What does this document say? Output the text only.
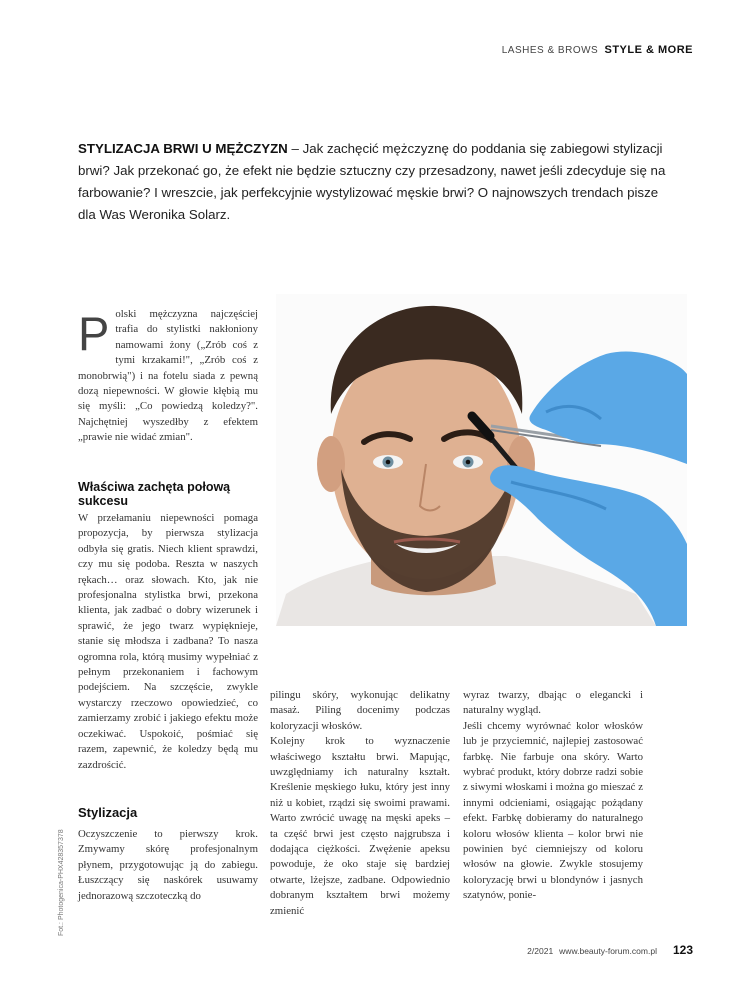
LASHES & BROWS STYLE & MORE
STYLIZACJA BRWI U MĘŻCZYZN – Jak zachęcić mężczyznę do poddania się zabiegowi stylizacji brwi? Jak przekonać go, że efekt nie będzie sztuczny czy przesadzony, nawet jeśli zdecyduje się na farbowanie? I wreszcie, jak perfekcyjnie wystylizować męskie brwi? O najnowszych trendach pisze dla Was Weronika Solarz.
P olski mężczyzna najczęściej trafia do stylistki nakłoniony namowami żony („Zrób coś z tymi krzakami!", „Zrób coś z monobrwią") i na fotelu siada z pewną dozą niepewności. W głowie kłębią mu się myśli: „Co powiedzą koledzy?". Najchętniej wyszedłby z efektem „prawie nie widać zmian".
Właściwa zachęta połową sukcesu
W przełamaniu niepewności pomaga propozycja, by pierwsza stylizacja odbyła się gratis. Niech klient sprawdzi, czy mu się podoba. Reszta w naszych rękach… oraz słowach. Kto, jak nie profesjonalna stylistka brwi, przekona klienta, jak zadbać o dobry wizerunek i sprawić, że jego twarz wypięknieje, stanie się młodsza i zadbana? To nasza ogromna rola, którą musimy wypełniać z pełnym przekonaniem i fachowym podejściem. Na szczęście, zwykle wystarczy rzeczowo opowiedzieć, co zamierzamy zrobić i jakiego efektu może oczekiwać. Uspokoić, pośmiać się razem, zapewnić, że koledzy będą mu zazdrościć.
Stylizacja
Oczyszczenie to pierwszy krok. Zmywamy skórę profesjonalnym płynem, przygotowując ją do zabiegu. Łuszczący się naskórek usuwamy jednorazową szczoteczką do

pilingu skóry, wykonując delikatny masaż. Piling docenimy podczas koloryzacji włosków.

Kolejny krok to wyznaczenie właściwego kształtu brwi. Mapując, uwzględniamy ich naturalny kształt. Kreślenie męskiego łuku, który jest inny niż u kobiet, rządzi się swoimi prawami. Warto zwrócić uwagę na męski apeks – ta część brwi jest często najgrubsza i dodająca ciężkości. Zwężenie apeksu powoduje, że oko staje się bardziej otwarte, lżejsze, zadbane. Odpowiednio dobranym kształtem brwi możemy zmienić

wyraz twarzy, dbając o elegancki i naturalny wygląd.

Jeśli chcemy wyrównać kolor włosków lub je przyciemnić, najlepiej zastosować farbkę. Nie farbuje ona skóry. Warto wybrać produkt, który dobrze radzi sobie z siwymi włoskami i można go mieszać z innymi odcieniami, osiągając pożądany efekt. Farbkę dobieramy do naturalnego koloru włosów klienta – kolor brwi nie powinien być ciemniejszy od koloru włosów na głowie. Zwykle stosujemy koloryzację brwi u blondynów i jasnych szatynów, ponie-

Fot.: Photogenica-PHX428357378
2/2021 www.beauty-forum.com.pl 123
